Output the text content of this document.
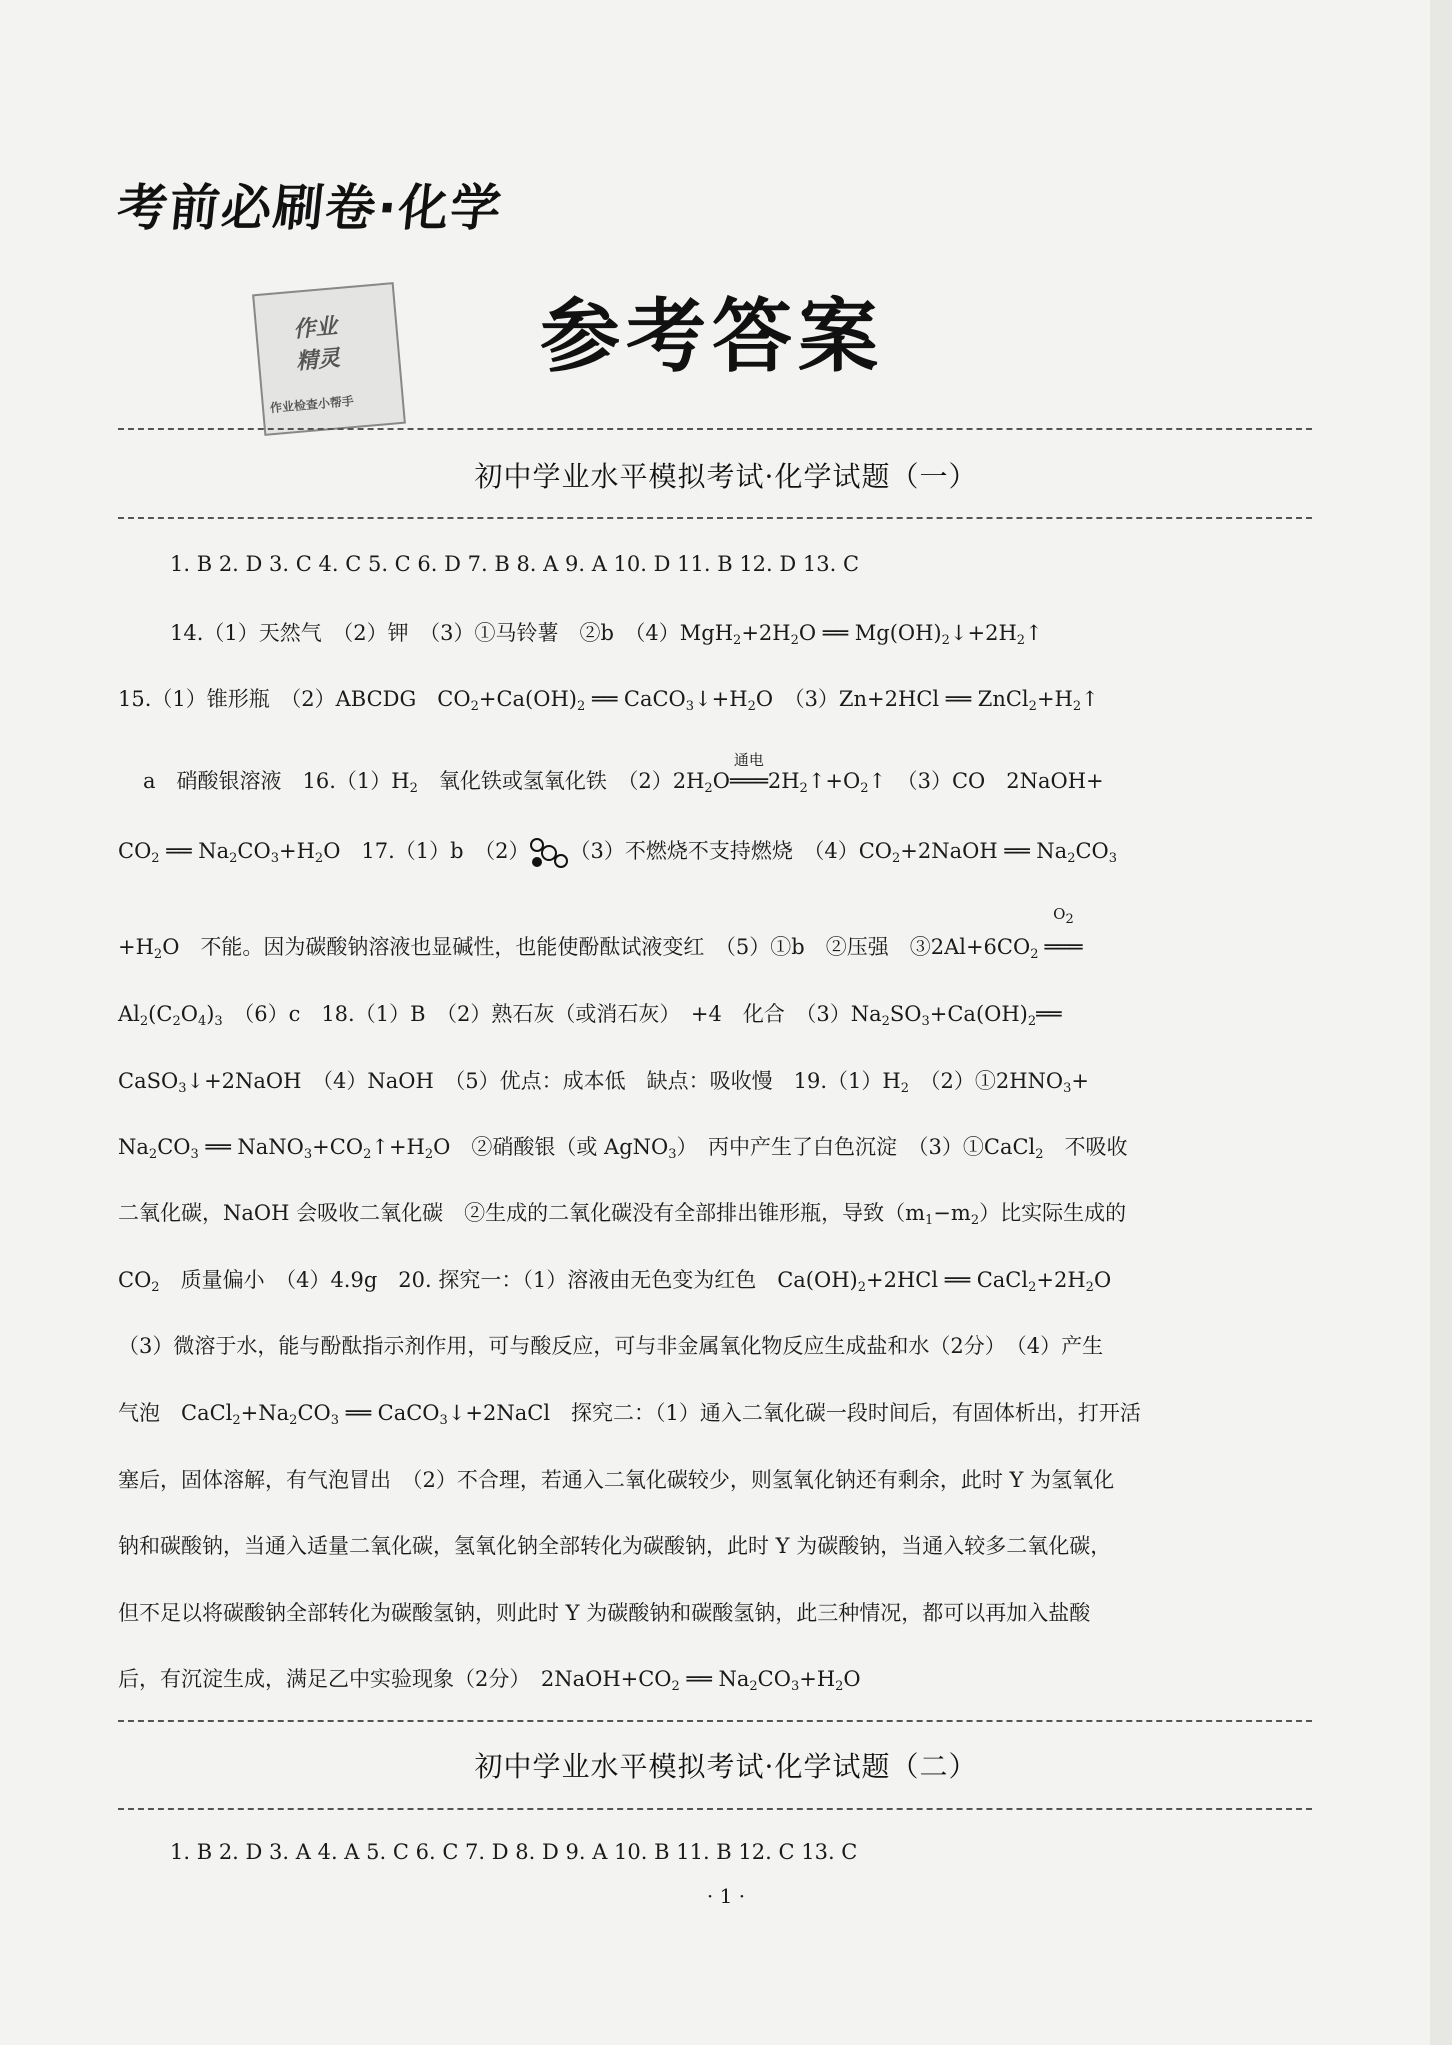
考前必刷卷·化学
作业
精灵
作业检查小帮手
参考答案
初中学业水平模拟考试·化学试题（一）
1. B 2. D 3. C 4. C 5. C 6. D 7. B 8. A 9. A 10. D 11. B 12. D 13. C
14.（1）天然气　（2）钾　（3）①马铃薯　②b　$(4)MgH_2+2H_2O$ ══ $Mg(OH)_2↓+2H_2↑$
15.（1）锥形瓶　（2）ABCDG　$CO_2+Ca(OH)_2$ ══ $CaCO_3↓+H_2O$　（3）Zn+2HCl ══ $ZnCl_2+H_2↑$
a　硝酸银溶液　$16.(1)H_2$　氧化铁或氢氧化铁　$(2)2H_2O$
通电
$═══2H_2↑+O_2↑$　（3）CO　2NaOH+
$CO_2$ ══ $Na_2CO_3+H_2O$　17.（1）b　（2） （3）不燃烧不支持燃烧　$(4)CO_2+2NaOH$ ══ $Na_2CO_3$
$+H_2O$　不能。因为碳酸钠溶液也显碱性，也能使酚酞试液变红　（5）①b　②压强　$③2Al+6CO_2$
$O_2$
═══
$Al_2(C_2O_4)_3$　 （6）c　18.（1）B　（2）熟石灰（或消石灰）　+4　化合　$(3)Na_2SO_3+Ca(OH)_2══$
CaSO$_3$↓+2NaOH　（4）NaOH　（5）优点：成本低　缺点：吸收慢　$19.(1)H_2$　 $(2)①2HNO_3+$
$Na_2CO_3$ ══ $NaNO_3+CO_2↑+H_2O$　②硝酸银（或 AgNO$_3$）　丙中产生了白色沉淀　（3）①CaCl$_2$　 不吸收
二氧化碳，NaOH 会吸收二氧化碳　②生成的二氧化碳没有全部排出锥形瓶，导致$(m_1-m_2)$比实际生成的
$CO_2$　 质量偏小　（4）4.9g　20. 探究一：（1）溶液由无色变为红色　$Ca(OH)_2+2HCl$ ══ $CaCl_2+2H_2O$
（3）微溶于水，能与酚酞指示剂作用，可与酸反应，可与非金属氧化物反应生成盐和水（2分）　（4）产生
气泡　$CaCl_2+Na_2CO_3$ ══ CaCO$_3$↓+2NaCl　探究二：（1）通入二氧化碳一段时间后，有固体析出，打开活
塞后，固体溶解，有气泡冒出　（2）不合理，若通入二氧化碳较少，则氢氧化钠还有剩余，此时 Y 为氢氧化
钠和碳酸钠，当通入适量二氧化碳，氢氧化钠全部转化为碳酸钠，此时 Y 为碳酸钠，当通入较多二氧化碳，
但不足以将碳酸钠全部转化为碳酸氢钠，则此时 Y 为碳酸钠和碳酸氢钠，此三种情况，都可以再加入盐酸
后，有沉淀生成，满足乙中实验现象（2分）　$2NaOH+CO_2$ ══ $Na_2CO_3+H_2O$
初中学业水平模拟考试·化学试题（二）
1. B 2. D 3. A 4. A 5. C 6. C 7. D 8. D 9. A 10. B 11. B 12. C 13. C
· 1 ·
